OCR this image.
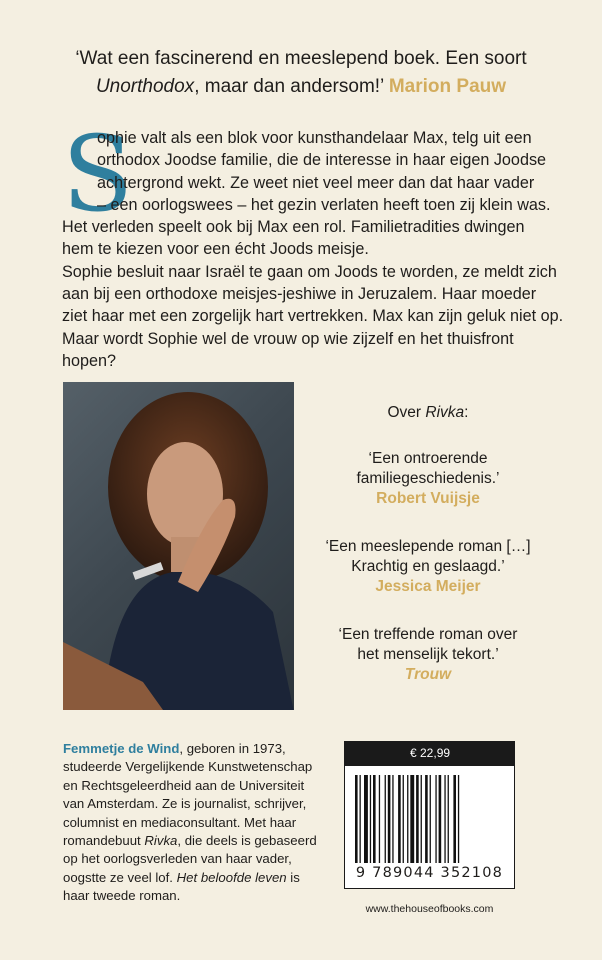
‘Wat een fascinerend en meeslepend boek. Een soort
Unorthodox, maar dan andersom!’ Marion Pauw
S

ophie valt als een blok voor kunsthandelaar Max, telg uit een

orthodox Joodse familie, die de interesse in haar eigen Joodse

achtergrond wekt. Ze weet niet veel meer dan dat haar vader

– een oorlogswees – het gezin verlaten heeft toen zij klein was.

Het verleden speelt ook bij Max een rol. Familietradities dwingen

hem te kiezen voor een écht Joods meisje.

Sophie besluit naar Israël te gaan om Joods te worden, ze meldt zich

aan bij een orthodoxe meisjes-jeshiwe in Jeruzalem. Haar moeder

ziet haar met een zorgelijk hart vertrekken. Max kan zijn geluk niet op.

Maar wordt Sophie wel de vrouw op wie zijzelf en het thuisfront hopen?

Over Rivka:
‘Een ontroerende
familiegeschiedenis.’
Robert Vuijsje
‘Een meeslepende roman […]
Krachtig en geslaagd.’
Jessica Meijer
‘Een treffende roman over
het menselijk tekort.’
Trouw
Femmetje de Wind, geboren in 1973, studeerde Vergelijkende Kunstwetenschap en Rechtsgeleerdheid aan de Universiteit van Amsterdam. Ze is journalist, schrijver, columnist en mediaconsultant. Met haar romandebuut Rivka, die deels is gebaseerd op het oorlogsverleden van haar vader, oogstte ze veel lof. Het beloofde leven is haar tweede roman.
€ 22,99
9 789044 352108
www.thehouseofbooks.com
